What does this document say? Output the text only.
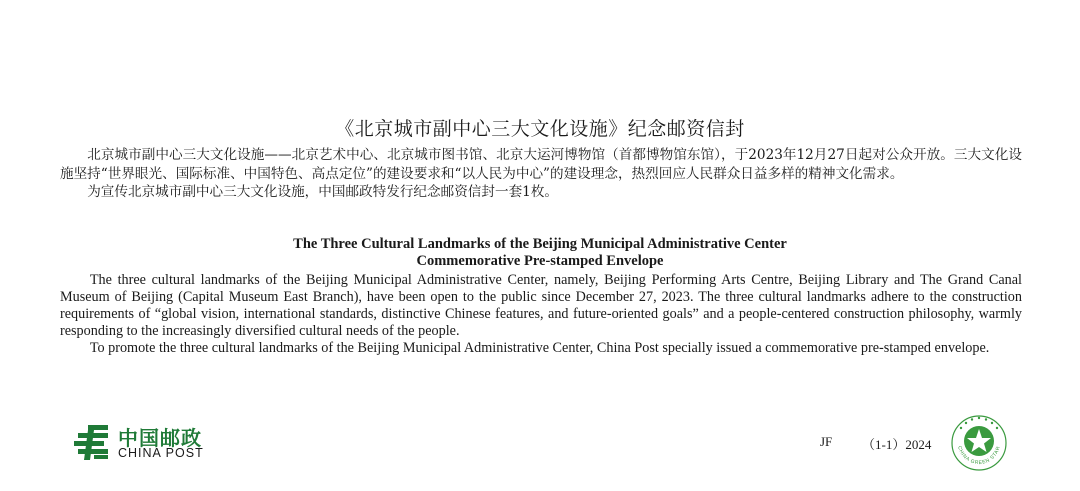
《北京城市副中心三大文化设施》纪念邮资信封

北京城市副中心三大文化设施——北京艺术中心、北京城市图书馆、北京大运河博物馆（首都博物馆东馆），于2023年12月27日起对公众开放。三大文化设施坚持“世界眼光、国际标准、中国特色、高点定位”的建设要求和“以人民为中心”的建设理念，热烈回应人民群众日益多样的精神文化需求。

为宣传北京城市副中心三大文化设施，中国邮政特发行纪念邮资信封一套1枚。

The Three Cultural Landmarks of the Beijing Municipal Administrative Center
Commemorative Pre-stamped Envelope

The three cultural landmarks of the Beijing Municipal Administrative Center, namely, Beijing Performing Arts Centre, Beijing Library and The Grand Canal Museum of Beijing (Capital Museum East Branch), have been open to the public since December 27, 2023. The three cultural landmarks adhere to the construction requirements of “global vision, international standards, distinctive Chinese features, and future-oriented goals” and a people-centered construction philosophy, warmly responding to the increasingly diversified cultural needs of the people.

To promote the three cultural landmarks of the Beijing Municipal Administrative Center, China Post specially issued a commemorative pre-stamped envelope.

中国邮政
CHINA POST
JF （1-1）2024	CHINA GREEN STAR
